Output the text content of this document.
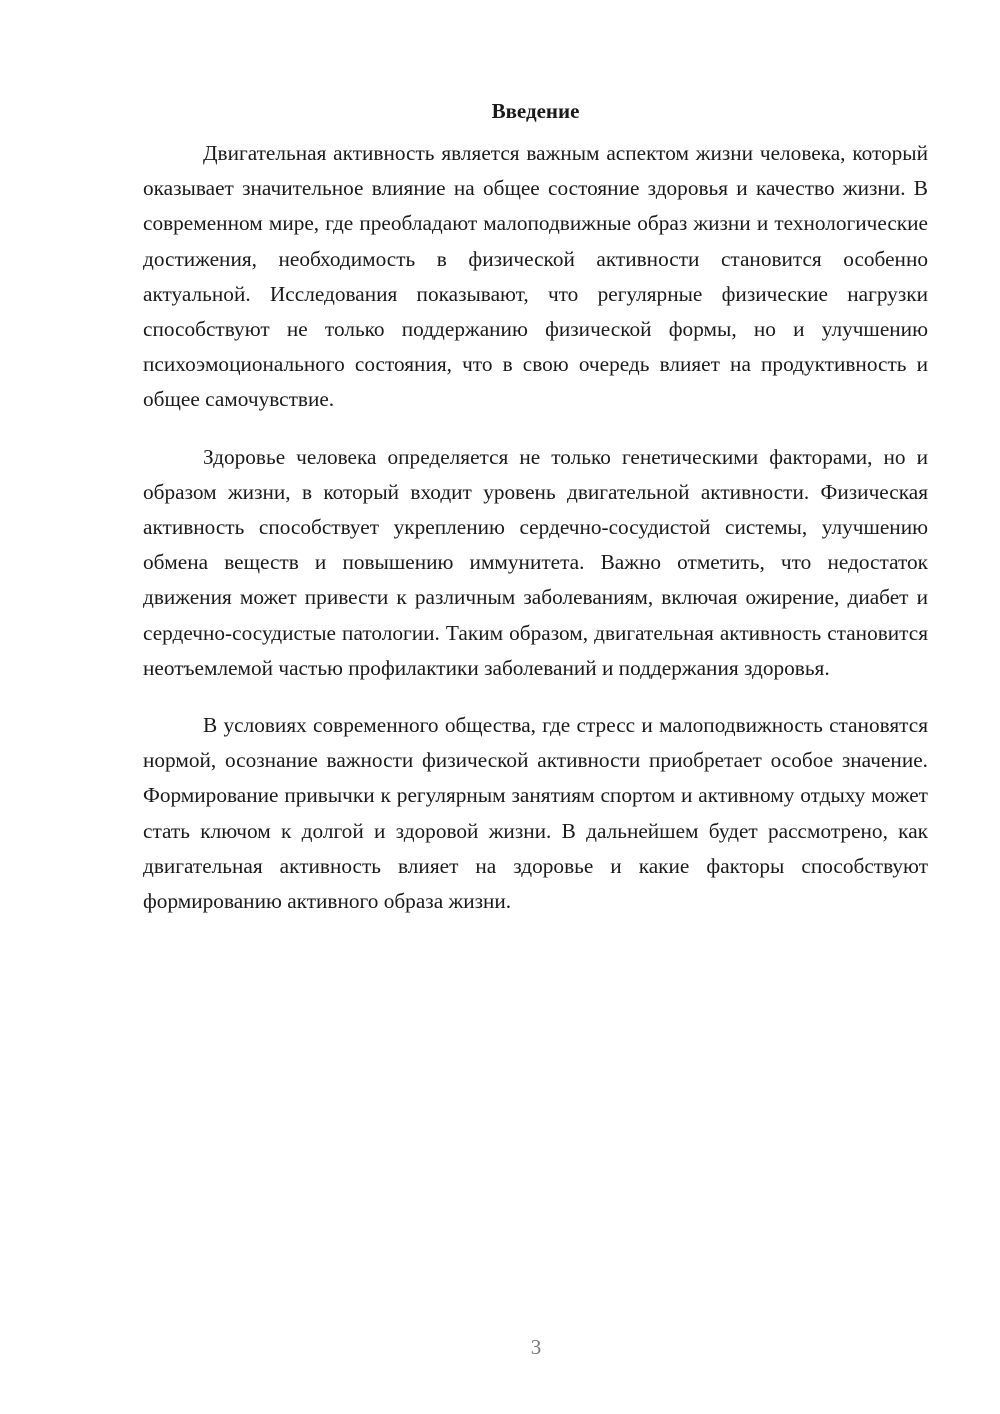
Введение

Двигательная активность является важным аспектом жизни человека, который оказывает значительное влияние на общее состояние здоровья и качество жизни. В современном мире, где преобладают малоподвижные образ жизни и технологические достижения, необходимость в физической активности становится особенно актуальной. Исследования показывают, что регулярные физические нагрузки способствуют не только поддержанию физической формы, но и улучшению психоэмоционального состояния, что в свою очередь влияет на продуктивность и общее самочувствие.

Здоровье человека определяется не только генетическими факторами, но и образом жизни, в который входит уровень двигательной активности. Физическая активность способствует укреплению сердечно-сосудистой системы, улучшению обмена веществ и повышению иммунитета. Важно отметить, что недостаток движения может привести к различным заболеваниям, включая ожирение, диабет и сердечно-сосудистые патологии. Таким образом, двигательная активность становится неотъемлемой частью профилактики заболеваний и поддержания здоровья.

В условиях современного общества, где стресс и малоподвижность становятся нормой, осознание важности физической активности приобретает особое значение. Формирование привычки к регулярным занятиям спортом и активному отдыху может стать ключом к долгой и здоровой жизни. В дальнейшем будет рассмотрено, как двигательная активность влияет на здоровье и какие факторы способствуют формированию активного образа жизни.

3
